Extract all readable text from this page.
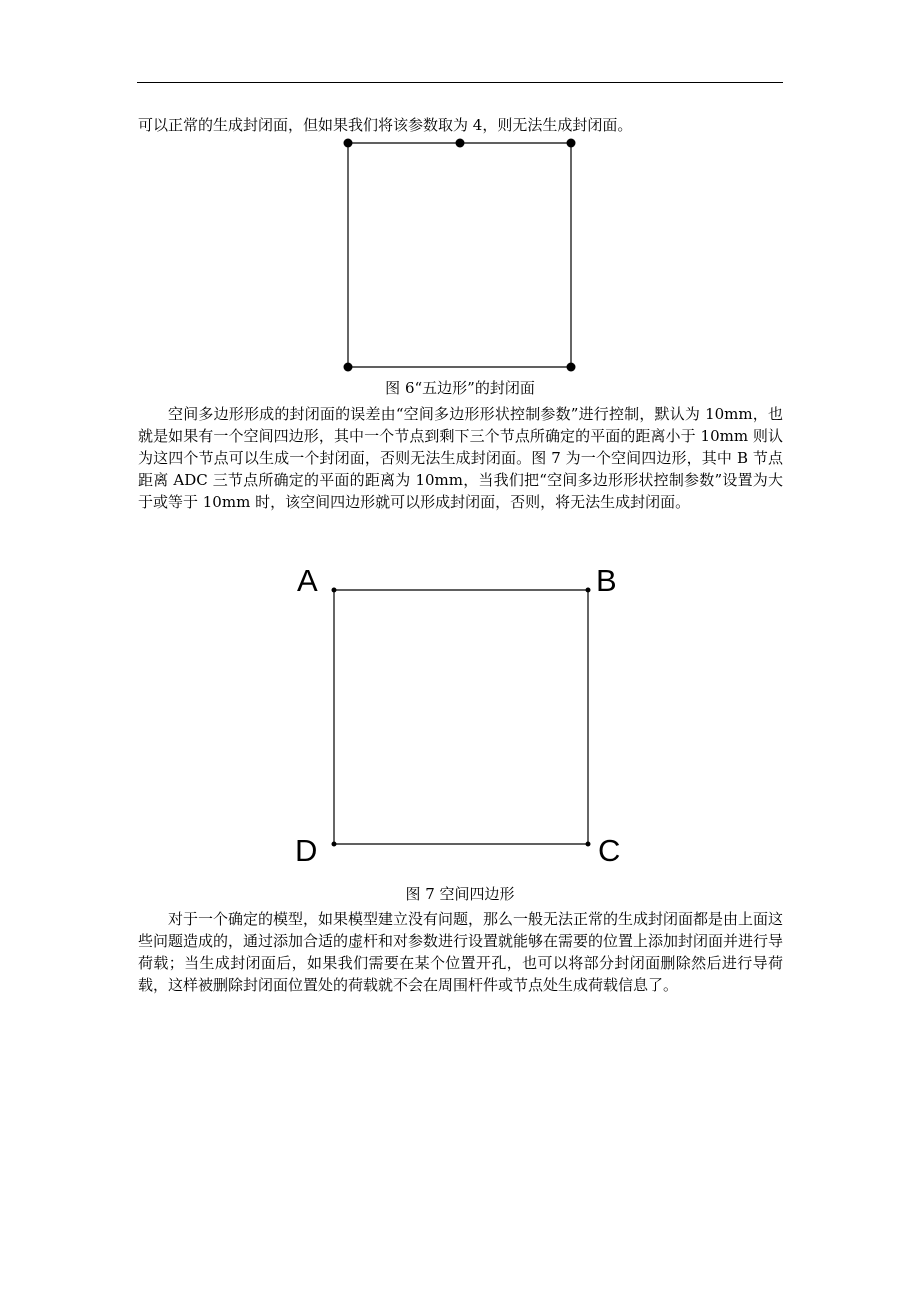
可以正常的生成封闭面，但如果我们将该参数取为 4，则无法生成封闭面。

A	B
C
D
图 6“五边形”的封闭面

空间多边形形成的封闭面的误差由“空间多边形形状控制参数”进行控制，默认为 10mm，也就是如果有一个空间四边形，其中一个节点到剩下三个节点所确定的平面的距离小于 10mm 则认为这四个节点可以生成一个封闭面，否则无法生成封闭面。图 7 为一个空间四边形，其中 B 节点距离 ADC 三节点所确定的平面的距离为 10mm，当我们把“空间多边形形状控制参数”设置为大于或等于 10mm 时，该空间四边形就可以形成封闭面，否则，将无法生成封闭面。

图 7 空间四边形

对于一个确定的模型，如果模型建立没有问题，那么一般无法正常的生成封闭面都是由上面这些问题造成的，通过添加合适的虚杆和对参数进行设置就能够在需要的位置上添加封闭面并进行导荷载；当生成封闭面后，如果我们需要在某个位置开孔，也可以将部分封闭面删除然后进行导荷载，这样被删除封闭面位置处的荷载就不会在周围杆件或节点处生成荷载信息了。
